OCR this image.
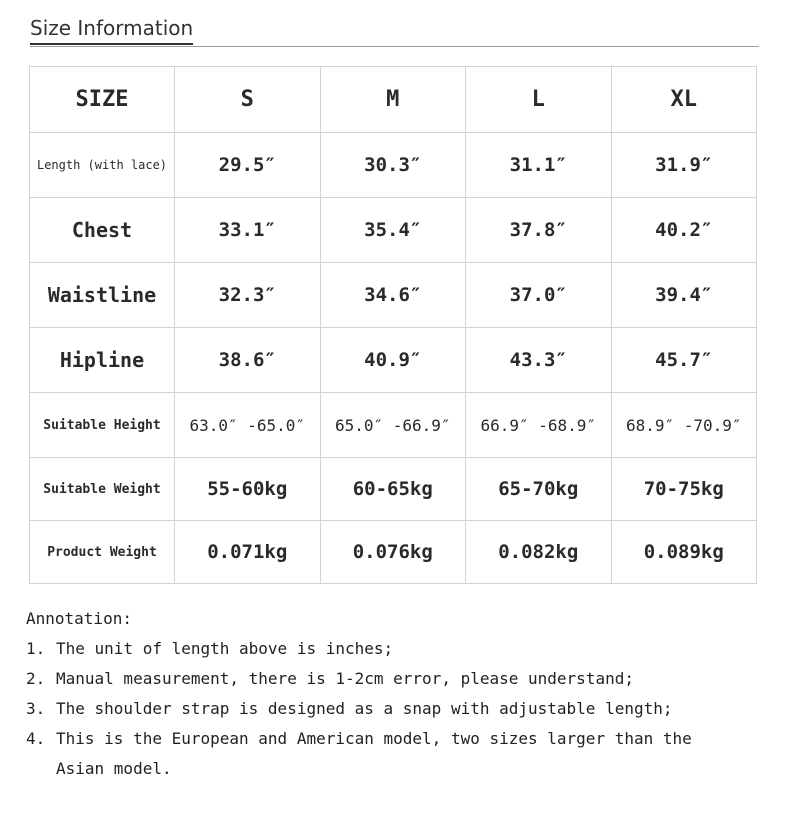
Size Information
SIZE	S	M	L	XL
Length (with lace)	29.5″	30.3″	31.1″	31.9″
Chest	33.1″	35.4″	37.8″	40.2″
Waistline	32.3″	34.6″	37.0″	39.4″
Hipline	38.6″	40.9″	43.3″	45.7″
Suitable Height	63.0″ -65.0″	65.0″ -66.9″	66.9″ -68.9″	68.9″ -70.9″
Suitable Weight	55-60kg	60-65kg	65-70kg	70-75kg
Product Weight	0.071kg	0.076kg	0.082kg	0.089kg
Annotation:
1. The unit of length above is inches;
2. Manual measurement, there is 1-2cm error, please understand;
3. The shoulder strap is designed as a snap with adjustable length;
4. This is the European and American model, two sizes larger than the Asian model.
